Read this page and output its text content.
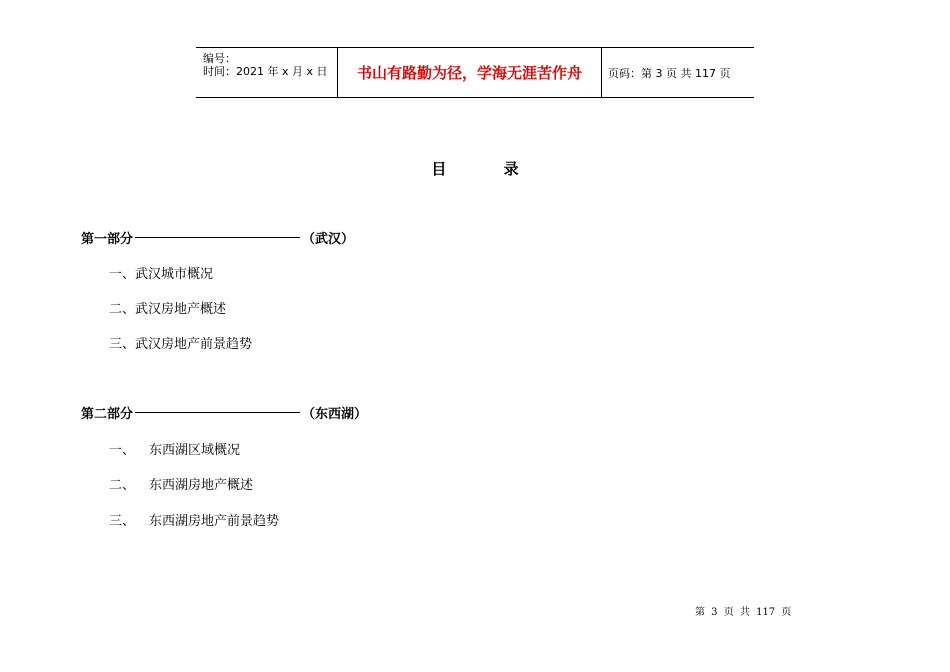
编号：
时间：2021 年 x 月 x 日	书山有路勤为径，学海无涯苦作舟	页码：第 3 页 共 117 页
目 录
第一部分	（武汉）
一、 武汉城市概况
二、 武汉房地产概述
三、 武汉房地产前景趋势
第二部分	（东西湖）
一、	东西湖区域概况
二、	东西湖房地产概述
三、	东西湖房地产前景趋势
第 3 页 共 117 页
